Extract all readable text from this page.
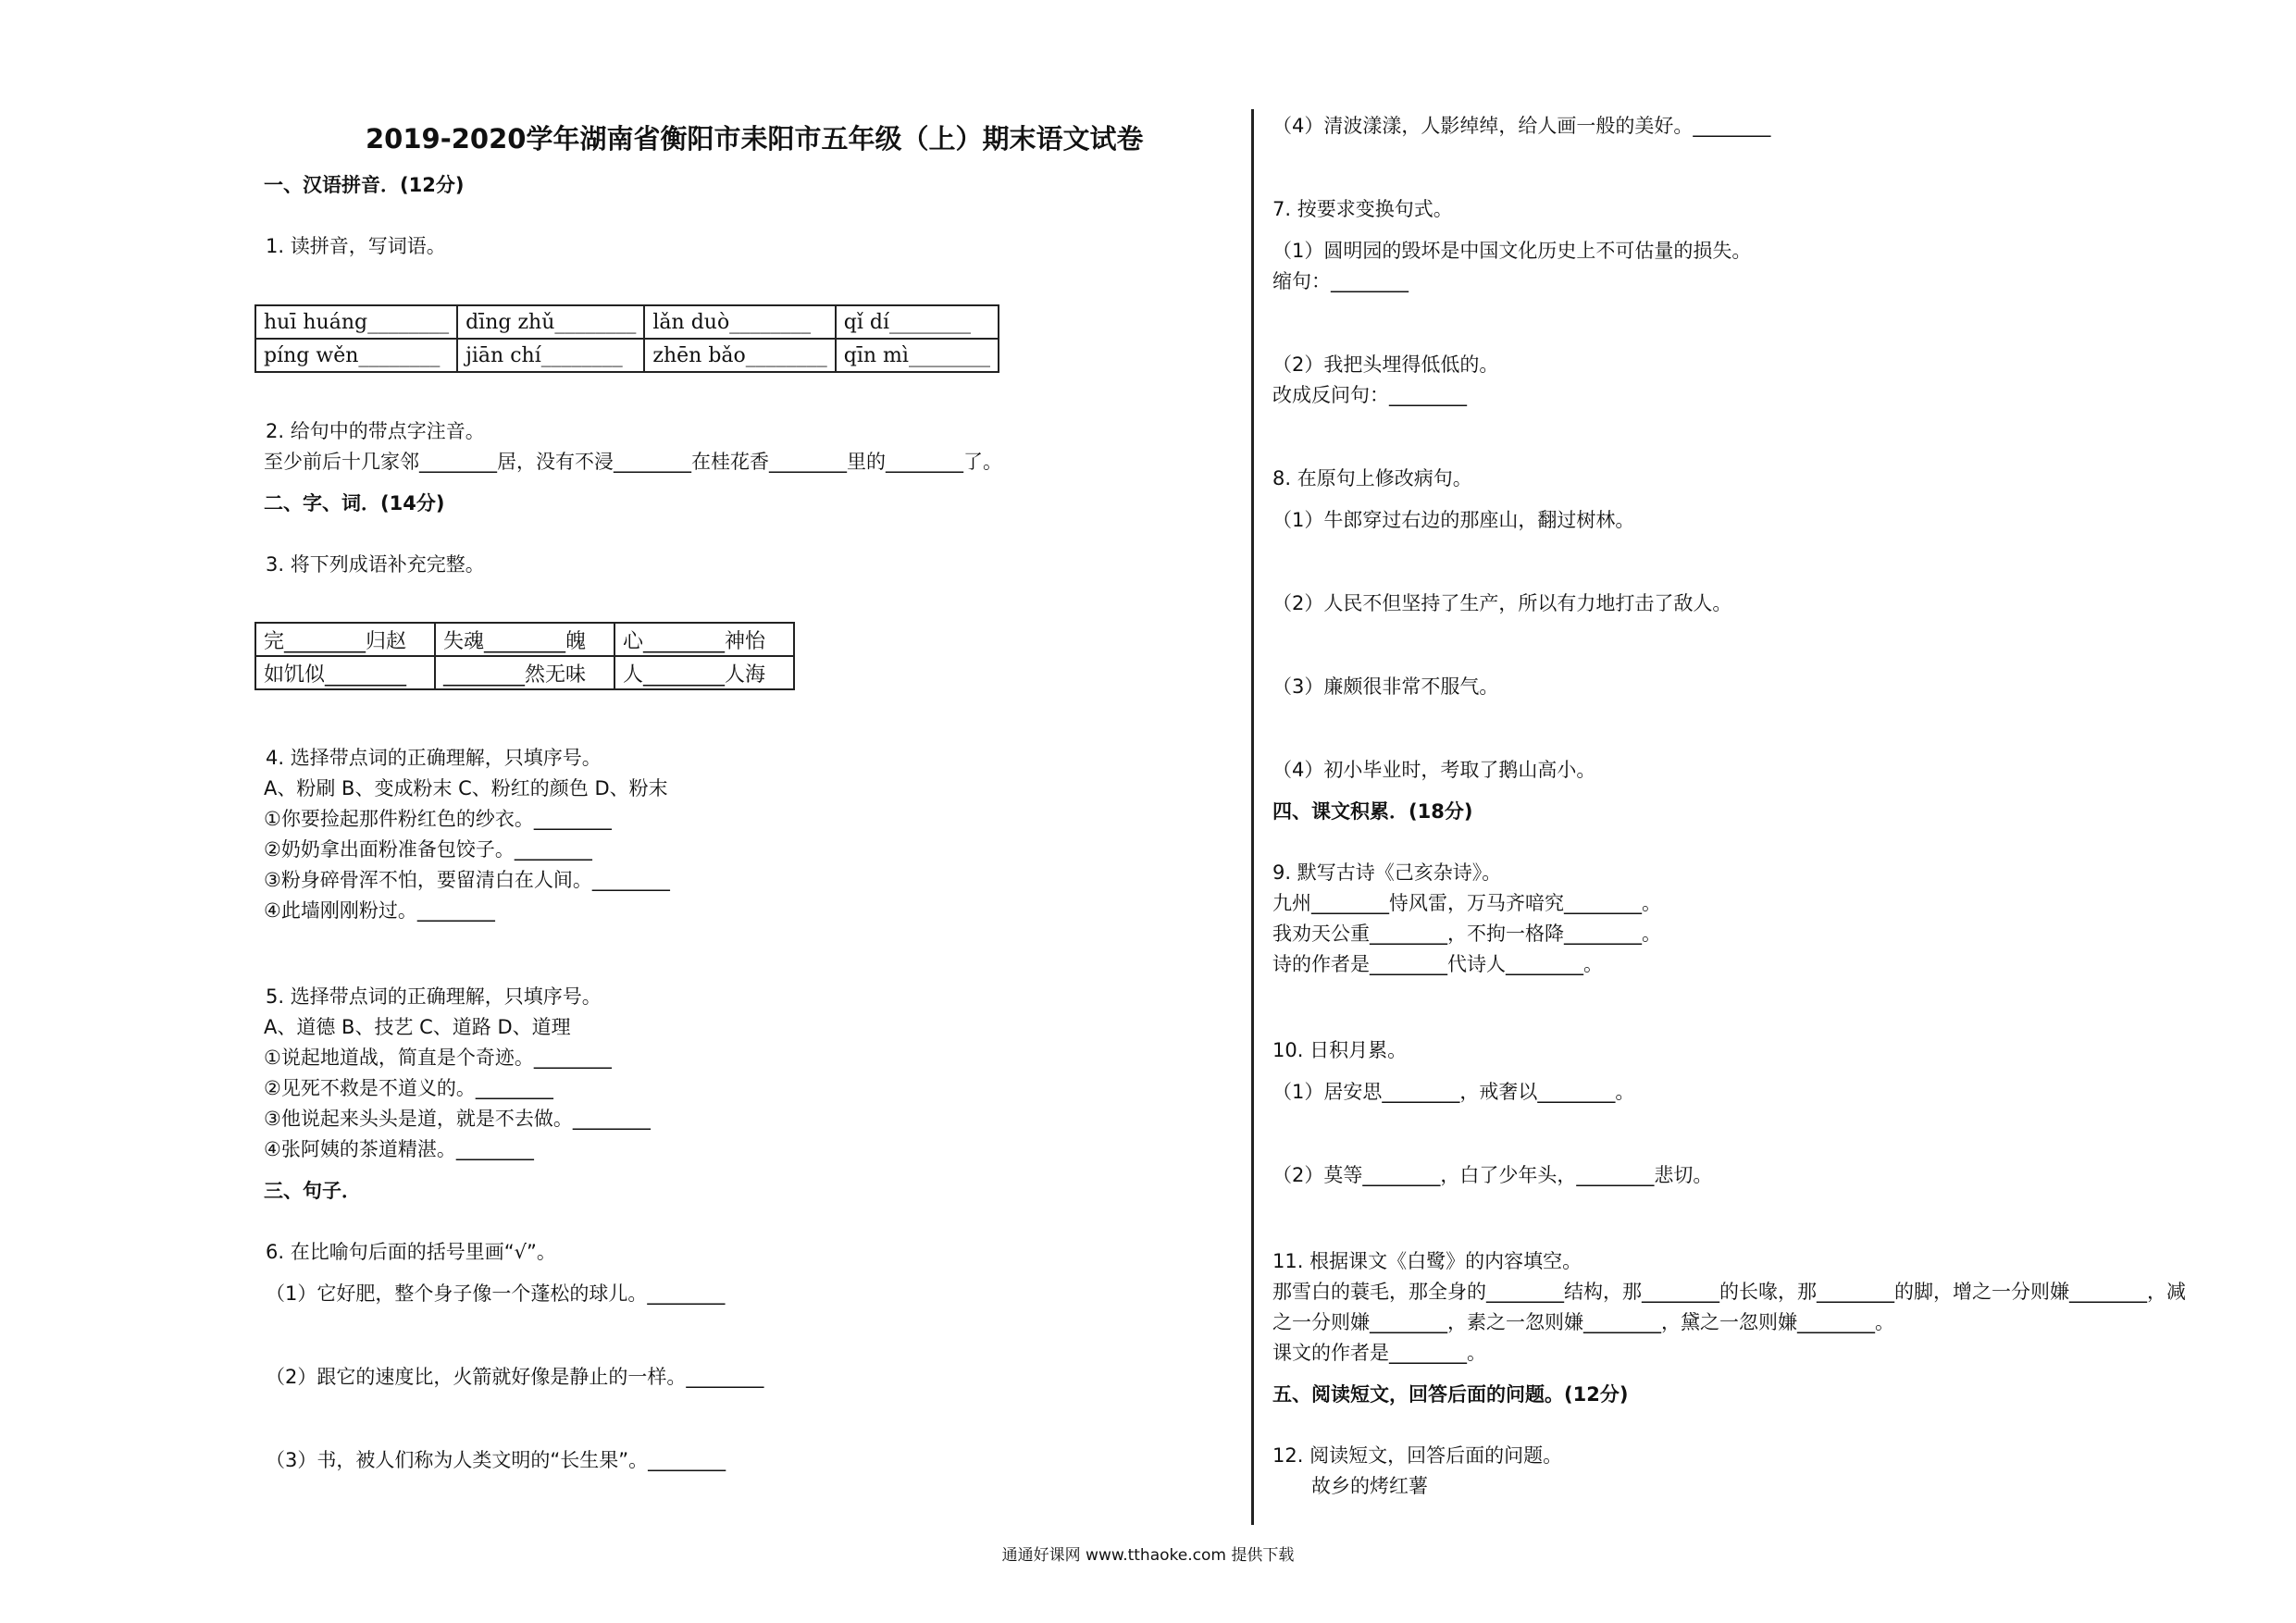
2019-2020学年湖南省衡阳市耒阳市五年级（上）期末语文试卷
一、汉语拼音．(12分)
1. 读拼音，写词语。
huī huáng________	dīng zhǔ________	lǎn duò________	qǐ dí________
píng wěn________	jiān chí________	zhēn bǎo________	qīn mì________
2. 给句中的带点字注音。
至少前后十几家邻________居，没有不浸________在桂花香________里的________了。
二、字、词．(14分)
3. 将下列成语补充完整。
完________归赵	失魂________魄	心________神怡
如饥似________	________然无味	人________人海
4. 选择带点词的正确理解，只填序号。
A、粉刷 B、变成粉末 C、粉红的颜色 D、粉末
①你要捡起那件粉红色的纱衣。________
②奶奶拿出面粉准备包饺子。________
③粉身碎骨浑不怕，要留清白在人间。________
④此墙刚刚粉过。________
5. 选择带点词的正确理解，只填序号。
A、道德 B、技艺 C、道路 D、道理
①说起地道战，简直是个奇迹。________
②见死不救是不道义的。________
③他说起来头头是道，就是不去做。________
④张阿姨的茶道精湛。________
三、句子．
6. 在比喻句后面的括号里画“√”。
（1）它好肥，整个身子像一个蓬松的球儿。________
（2）跟它的速度比，火箭就好像是静止的一样。________
（3）书，被人们称为人类文明的“长生果”。________
（4）清波漾漾，人影绰绰，给人画一般的美好。________
7. 按要求变换句式。
（1）圆明园的毁坏是中国文化历史上不可估量的损失。
缩句：________
（2）我把头埋得低低的。
改成反问句：________
8. 在原句上修改病句。
（1）牛郎穿过右边的那座山，翻过树林。
（2）人民不但坚持了生产，所以有力地打击了敌人。
（3）廉颇很非常不服气。
（4）初小毕业时，考取了鹅山高小。
四、课文积累．(18分)
9. 默写古诗《己亥杂诗》。
九州________恃风雷，万马齐喑究________。
我劝天公重________，不拘一格降________。
诗的作者是________代诗人________。
10. 日积月累。
（1）居安思________，戒奢以________。
（2）莫等________，白了少年头，________悲切。
11. 根据课文《白鹭》的内容填空。
那雪白的蓑毛，那全身的________结构，那________的长喙，那________的脚，增之一分则嫌________，减
之一分则嫌________，素之一忽则嫌________，黛之一忽则嫌________。
课文的作者是________。
五、阅读短文，回答后面的问题。(12分)
12. 阅读短文，回答后面的问题。
故乡的烤红薯
通通好课网 www.tthaoke.com 提供下载
